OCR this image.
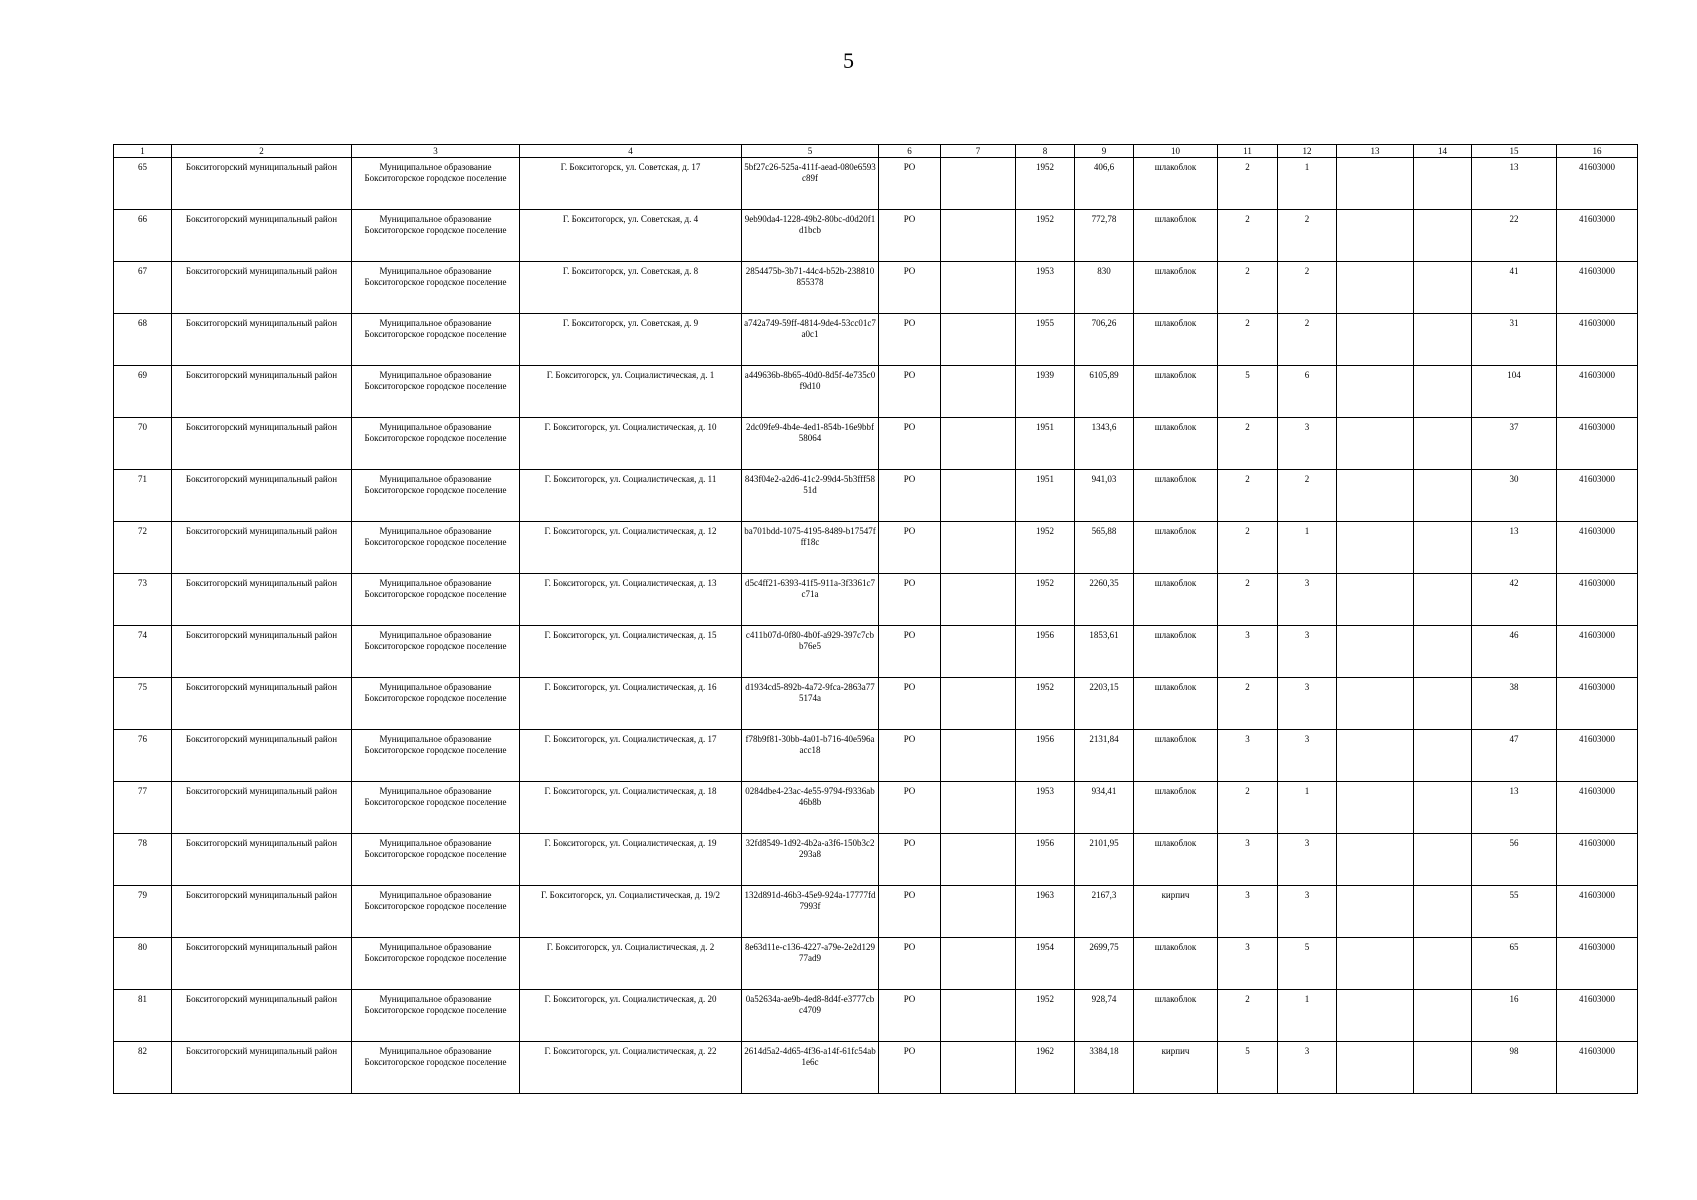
5
1	2	3	4	5	6	7	8	9	10	11	12	13	14	15	16
65	Бокситогорский муниципальный район	Муниципальное образование Бокситогорское городское поселение	Г. Бокситогорск, ул. Советская, д. 17	5bf27c26-525a-411f-aead-080e6593c89f	РО		1952	406,6	шлакоблок	2	1			13	41603000
66	Бокситогорский муниципальный район	Муниципальное образование Бокситогорское городское поселение	Г. Бокситогорск, ул. Советская, д. 4	9eb90da4-1228-49b2-80bc-d0d20f1d1bcb	РО		1952	772,78	шлакоблок	2	2			22	41603000
67	Бокситогорский муниципальный район	Муниципальное образование Бокситогорское городское поселение	Г. Бокситогорск, ул. Советская, д. 8	2854475b-3b71-44c4-b52b-238810855378	РО		1953	830	шлакоблок	2	2			41	41603000
68	Бокситогорский муниципальный район	Муниципальное образование Бокситогорское городское поселение	Г. Бокситогорск, ул. Советская, д. 9	a742a749-59ff-4814-9de4-53cc01c7a0c1	РО		1955	706,26	шлакоблок	2	2			31	41603000
69	Бокситогорский муниципальный район	Муниципальное образование Бокситогорское городское поселение	Г. Бокситогорск, ул. Социалистическая, д. 1	a449636b-8b65-40d0-8d5f-4e735c0f9d10	РО		1939	6105,89	шлакоблок	5	6			104	41603000
70	Бокситогорский муниципальный район	Муниципальное образование Бокситогорское городское поселение	Г. Бокситогорск, ул. Социалистическая, д. 10	2dc09fe9-4b4e-4ed1-854b-16e9bbf58064	РО		1951	1343,6	шлакоблок	2	3			37	41603000
71	Бокситогорский муниципальный район	Муниципальное образование Бокситогорское городское поселение	Г. Бокситогорск, ул. Социалистическая, д. 11	843f04e2-a2d6-41c2-99d4-5b3fff5851d	РО		1951	941,03	шлакоблок	2	2			30	41603000
72	Бокситогорский муниципальный район	Муниципальное образование Бокситогорское городское поселение	Г. Бокситогорск, ул. Социалистическая, д. 12	ba701bdd-1075-4195-8489-b17547fff18c	РО		1952	565,88	шлакоблок	2	1			13	41603000
73	Бокситогорский муниципальный район	Муниципальное образование Бокситогорское городское поселение	Г. Бокситогорск, ул. Социалистическая, д. 13	d5c4ff21-6393-41f5-911a-3f3361c7c71a	РО		1952	2260,35	шлакоблок	2	3			42	41603000
74	Бокситогорский муниципальный район	Муниципальное образование Бокситогорское городское поселение	Г. Бокситогорск, ул. Социалистическая, д. 15	c411b07d-0f80-4b0f-a929-397c7cbb76e5	РО		1956	1853,61	шлакоблок	3	3			46	41603000
75	Бокситогорский муниципальный район	Муниципальное образование Бокситогорское городское поселение	Г. Бокситогорск, ул. Социалистическая, д. 16	d1934cd5-892b-4a72-9fca-2863a775174a	РО		1952	2203,15	шлакоблок	2	3			38	41603000
76	Бокситогорский муниципальный район	Муниципальное образование Бокситогорское городское поселение	Г. Бокситогорск, ул. Социалистическая, д. 17	f78b9f81-30bb-4a01-b716-40e596aacc18	РО		1956	2131,84	шлакоблок	3	3			47	41603000
77	Бокситогорский муниципальный район	Муниципальное образование Бокситогорское городское поселение	Г. Бокситогорск, ул. Социалистическая, д. 18	0284dbe4-23ac-4e55-9794-f9336ab46b8b	РО		1953	934,41	шлакоблок	2	1			13	41603000
78	Бокситогорский муниципальный район	Муниципальное образование Бокситогорское городское поселение	Г. Бокситогорск, ул. Социалистическая, д. 19	32fd8549-1d92-4b2a-a3f6-150b3c2293a8	РО		1956	2101,95	шлакоблок	3	3			56	41603000
79	Бокситогорский муниципальный район	Муниципальное образование Бокситогорское городское поселение	Г. Бокситогорск, ул. Социалистическая, д. 19/2	132d891d-46b3-45e9-924a-17777fd7993f	РО		1963	2167,3	кирпич	3	3			55	41603000
80	Бокситогорский муниципальный район	Муниципальное образование Бокситогорское городское поселение	Г. Бокситогорск, ул. Социалистическая, д. 2	8e63d11e-c136-4227-a79e-2e2d12977ad9	РО		1954	2699,75	шлакоблок	3	5			65	41603000
81	Бокситогорский муниципальный район	Муниципальное образование Бокситогорское городское поселение	Г. Бокситогорск, ул. Социалистическая, д. 20	0a52634a-ae9b-4ed8-8d4f-e3777cbc4709	РО		1952	928,74	шлакоблок	2	1			16	41603000
82	Бокситогорский муниципальный район	Муниципальное образование Бокситогорское городское поселение	Г. Бокситогорск, ул. Социалистическая, д. 22	2614d5a2-4d65-4f36-a14f-61fc54ab1e6c	РО		1962	3384,18	кирпич	5	3			98	41603000
